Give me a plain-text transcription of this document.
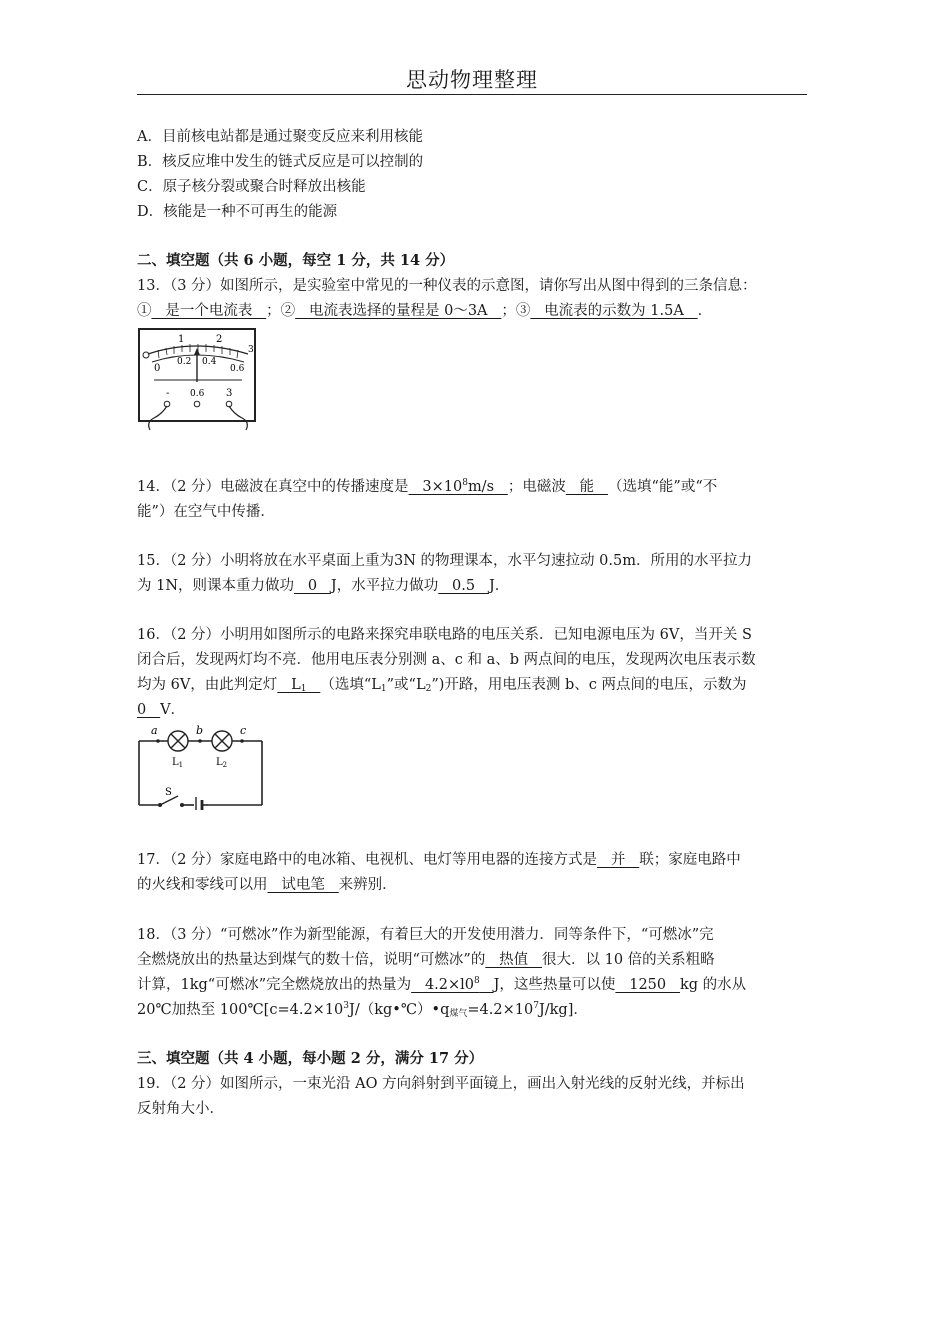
思动物理整理
A．目前核电站都是通过聚变反应来利用核能
B．核反应堆中发生的链式反应是可以控制的
C．原子核分裂或聚合时释放出核能
D．核能是一种不可再生的能源
二、填空题（共 6 小题，每空 1 分，共 14 分）
13．（3 分）如图所示，是实验室中常见的一种仪表的示意图，请你写出从图中得到的三条信息：
①   是一个电流表   ；②   电流表选择的量程是 0～3A   ；③   电流表的示数为 1.5A   ．
1	2
3
0
0.2 0.4
0.6
- 0.6 3
14．（2 分）电磁波在真空中的传播速度是   $3\times 10^8m/s$   ；电磁波   能   （选填“能”或“不
能”）在空气中传播．
15．（2 分）小明将放在水平桌面上重为3N 的物理课本，水平匀速拉动 0.5m．所用的水平拉力
为 1N，则课本重力做功   0   J，水平拉力做功   0.5   J．
16．（2 分）小明用如图所示的电路来探究串联电路的电压关系．已知电源电压为 6V，当开关 S
闭合后，发现两灯均不亮．他用电压表分别测 a、c 和 a、b 两点间的电压，发现两次电压表示数
均为 6V，由此判定灯   $L_1$ （选填“$L_1$”或“$L_2$”)开路，用电压表测 b、c 两点间的电压，示数为
0   V．
a	b	c
$L_1$	$L_2$
S
17．（2 分）家庭电路中的电冰箱、电视机、电灯等用电器的连接方式是   并   联；家庭电路中
的火线和零线可以用   试电笔   来辨别．
18．（3 分）“可燃冰”作为新型能源，有着巨大的开发使用潜力．同等条件下，“可燃冰”完
全燃烧放出的热量达到煤气的数十倍，说明“可燃冰”的   热值   很大．以 10 倍的关系粗略
计算，1kg“可燃冰”完全燃烧放出的热量为   $4.2\times l0^8$ J，这些热量可以使   1250   kg 的水从
20℃加热至 $100℃[c=4.2\times 10^3J/(kg•℃)•q_{煤气}=4.2\times 10^7J/kg]$．
三、填空题（共 4 小题，每小题 2 分，满分 17 分）
19．（2 分）如图所示，一束光沿 AO 方向斜射到平面镜上，画出入射光线的反射光线，并标出
反射角大小．
